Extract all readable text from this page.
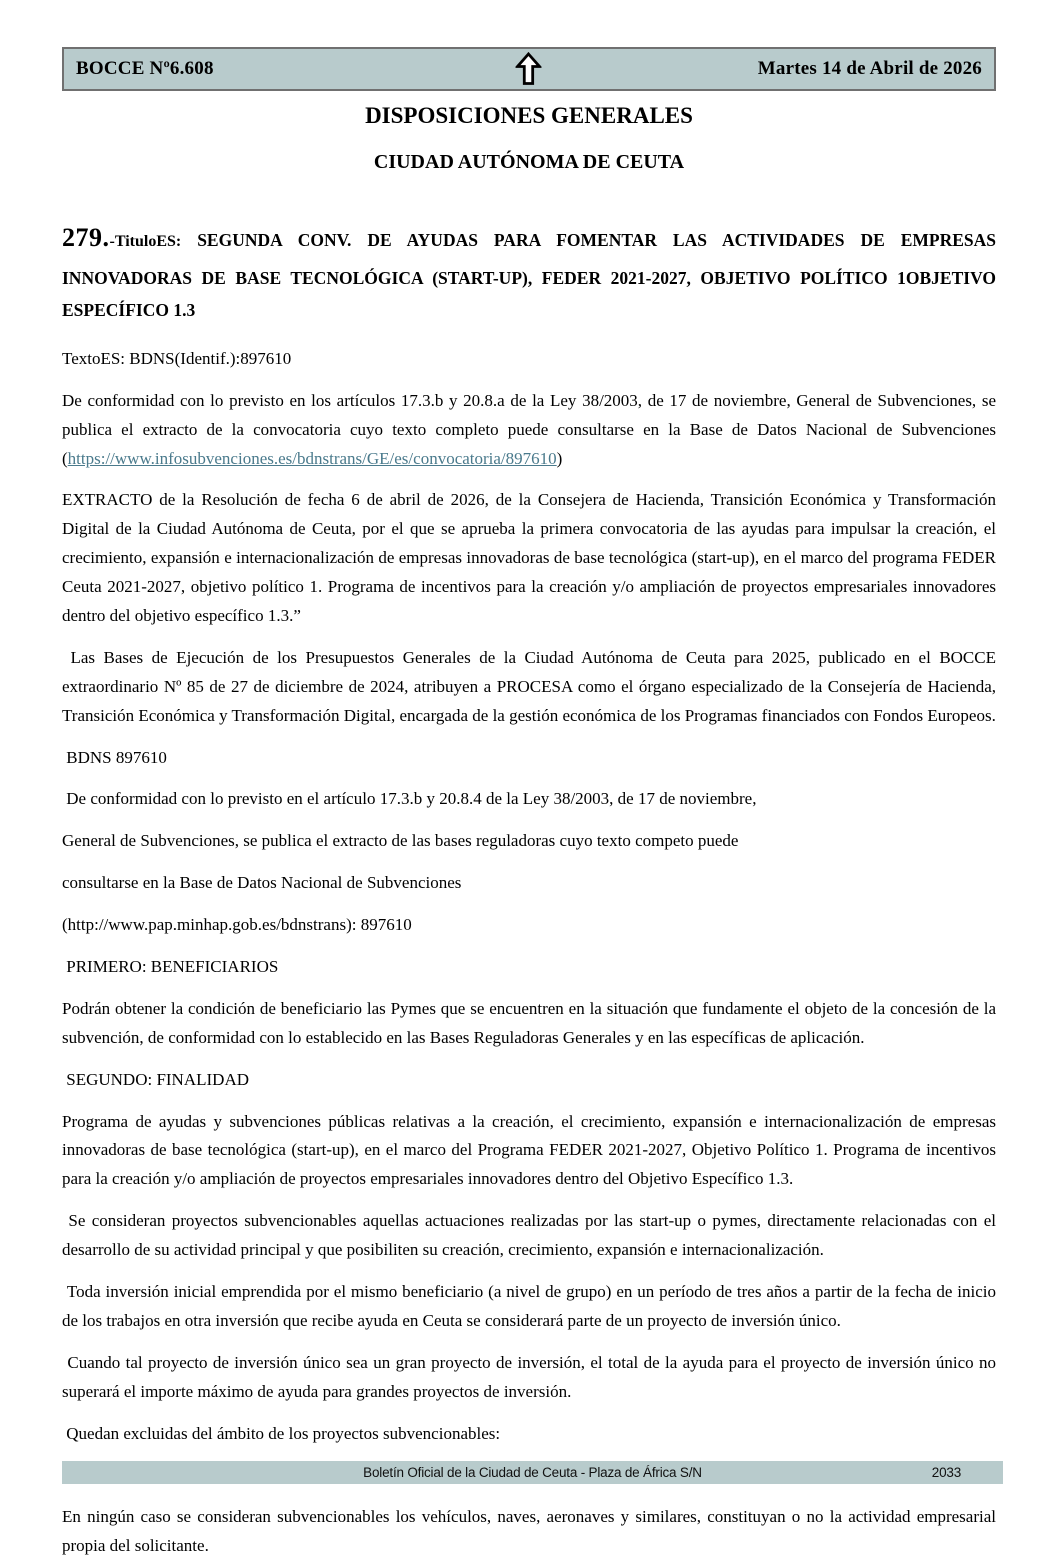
BOCCE Nº6.608	Martes 14 de Abril de 2026
DISPOSICIONES GENERALES
CIUDAD AUTÓNOMA DE CEUTA

279.-TituloES: SEGUNDA CONV. DE AYUDAS PARA FOMENTAR LAS ACTIVIDADES DE EMPRESAS INNOVADORAS DE BASE TECNOLÓGICA (START-UP), FEDER 2021-2027, OBJETIVO POLÍTICO 1OBJETIVO ESPECÍFICO 1.3

TextoES: BDNS(Identif.):897610

De conformidad con lo previsto en los artículos 17.3.b y 20.8.a de la Ley 38/2003, de 17 de noviembre, General de Subvenciones, se publica el extracto de la convocatoria cuyo texto completo puede consultarse en la Base de Datos Nacional de Subvenciones (https://www.infosubvenciones.es/bdnstrans/GE/es/convocatoria/897610)

EXTRACTO de la Resolución de fecha 6 de abril de 2026, de la Consejera de Hacienda, Transición Económica y Transformación Digital de la Ciudad Autónoma de Ceuta, por el que se aprueba la primera convocatoria de las ayudas para impulsar la creación, el crecimiento, expansión e internacionalización de empresas innovadoras de base tecnológica (start-up), en el marco del programa FEDER Ceuta 2021-2027, objetivo político 1. Programa de incentivos para la creación y/o ampliación de proyectos empresariales innovadores dentro del objetivo específico 1.3.”

Las Bases de Ejecución de los Presupuestos Generales de la Ciudad Autónoma de Ceuta para 2025, publicado en el BOCCE extraordinario Nº 85 de 27 de diciembre de 2024, atribuyen a PROCESA como el órgano especializado de la Consejería de Hacienda, Transición Económica y Transformación Digital, encargada de la gestión económica de los Programas financiados con Fondos Europeos.

BDNS 897610

De conformidad con lo previsto en el artículo 17.3.b y 20.8.4 de la Ley 38/2003, de 17 de noviembre,

General de Subvenciones, se publica el extracto de las bases reguladoras cuyo texto competo puede

consultarse en la Base de Datos Nacional de Subvenciones

(http://www.pap.minhap.gob.es/bdnstrans): 897610

PRIMERO: BENEFICIARIOS

Podrán obtener la condición de beneficiario las Pymes que se encuentren en la situación que fundamente el objeto de la concesión de la subvención, de conformidad con lo establecido en las Bases Reguladoras Generales y en las específicas de aplicación.

SEGUNDO: FINALIDAD

Programa de ayudas y subvenciones públicas relativas a la creación, el crecimiento, expansión e internacionalización de empresas innovadoras de base tecnológica (start-up), en el marco del Programa FEDER 2021-2027, Objetivo Político 1. Programa de incentivos para la creación y/o ampliación de proyectos empresariales innovadores dentro del Objetivo Específico 1.3.

Se consideran proyectos subvencionables aquellas actuaciones realizadas por las start-up o pymes, directamente relacionadas con el desarrollo de su actividad principal y que posibiliten su creación, crecimiento, expansión e internacionalización.

Toda inversión inicial emprendida por el mismo beneficiario (a nivel de grupo) en un período de tres años a partir de la fecha de inicio de los trabajos en otra inversión que recibe ayuda en Ceuta se considerará parte de un proyecto de inversión único.

Cuando tal proyecto de inversión único sea un gran proyecto de inversión, el total de la ayuda para el proyecto de inversión único no superará el importe máximo de ayuda para grandes proyectos de inversión.

Quedan excluidas del ámbito de los proyectos subvencionables:

En ningún caso se consideran subvencionables los vehículos, naves, aeronaves y similares, constituyan o no la actividad empresarial propia del solicitante.

Boletín Oficial de la Ciudad de Ceuta - Plaza de África S/N	2033
